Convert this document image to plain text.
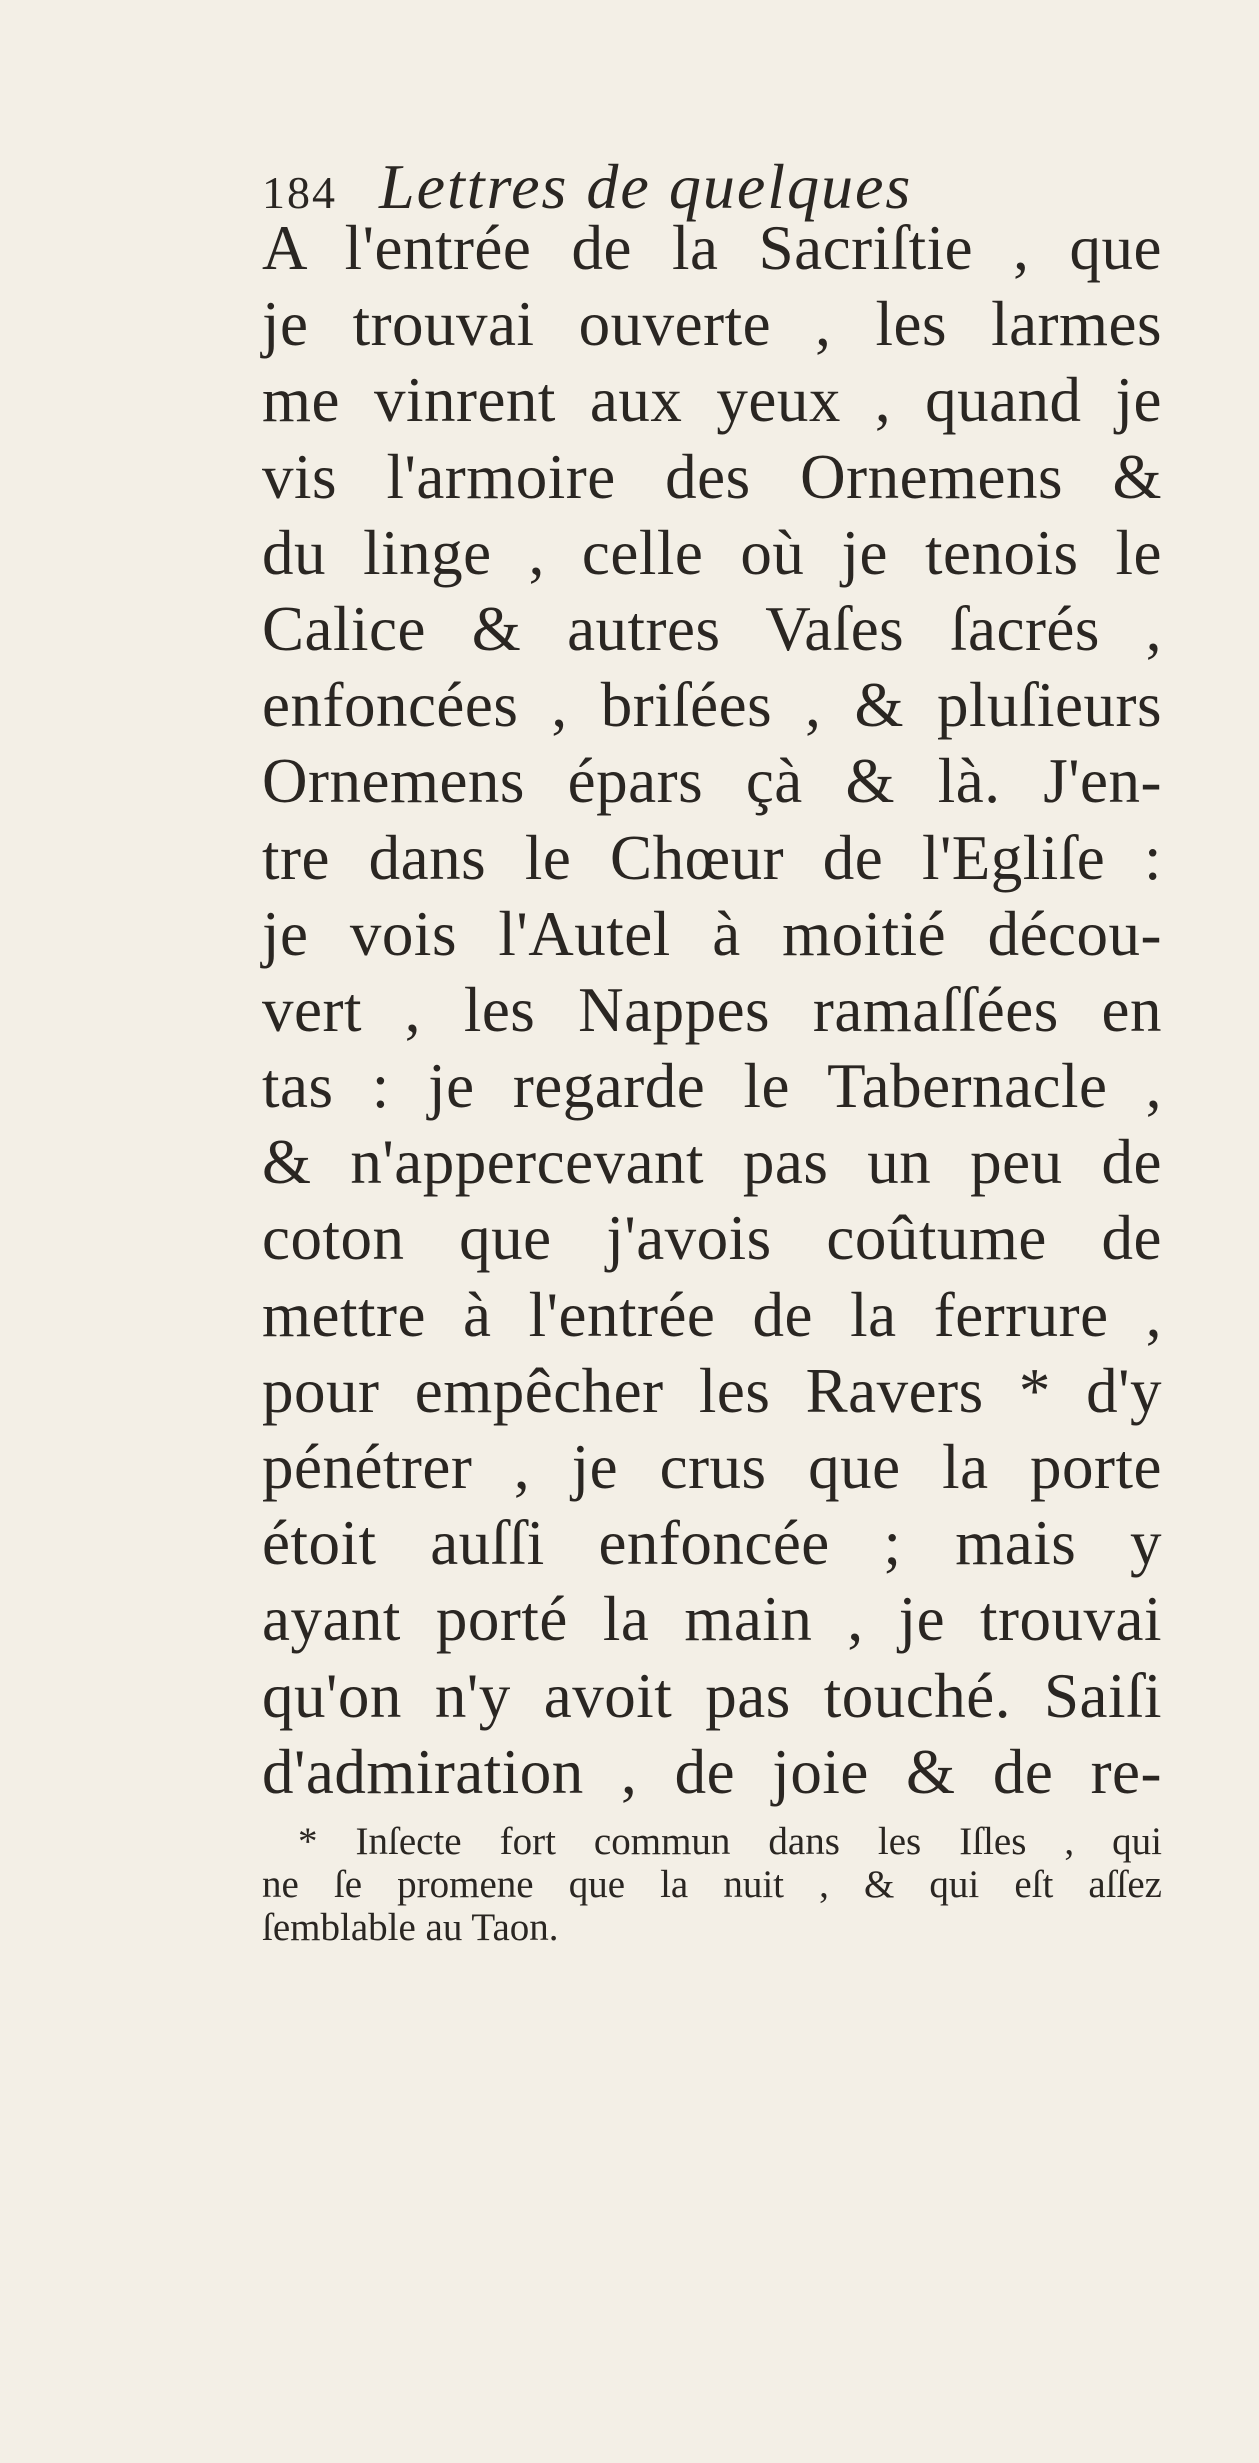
184 Lettres de quelques
A l'entrée de la Sacriſtie , que
je trouvai ouverte , les larmes
me vinrent aux yeux , quand je
vis l'armoire des Ornemens &
du linge , celle où je tenois le
Calice & autres Vaſes ſacrés ,
enfoncées , briſées , & pluſieurs
Ornemens épars çà & là. J'en-
tre dans le Chœur de l'Egliſe :
je vois l'Autel à moitié décou-
vert , les Nappes ramaſſées en
tas : je regarde le Tabernacle ,
& n'appercevant pas un peu de
coton que j'avois coûtume de
mettre à l'entrée de la ferrure ,
pour empêcher les Ravers * d'y
pénétrer , je crus que la porte
étoit auſſi enfoncée ; mais y
ayant porté la main , je trouvai
qu'on n'y avoit pas touché. Saiſi
d'admiration , de joie & de re-
* Inſecte fort commun dans les Iſles , qui
ne ſe promene que la nuit , & qui eſt aſſez
ſemblable au Taon.
